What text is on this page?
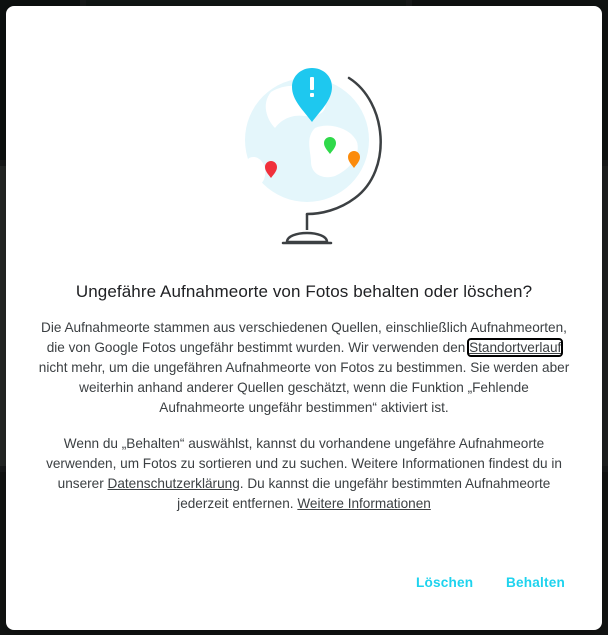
Ungefähre Aufnahmeorte von Fotos behalten oder löschen?

Die Aufnahmeorte stammen aus verschiedenen Quellen, einschließlich Aufnahmeorten, die von Google Fotos ungefähr bestimmt wurden. Wir verwenden den Standortverlauf nicht mehr, um die ungefähren Aufnahmeorte von Fotos zu bestimmen. Sie werden aber weiterhin anhand anderer Quellen geschätzt, wenn die Funktion „Fehlende Aufnahmeorte ungefähr bestimmen“ aktiviert ist.

Wenn du „Behalten“ auswählst, kannst du vorhandene ungefähre Aufnahmeorte verwenden, um Fotos zu sortieren und zu suchen. Weitere Informationen findest du in unserer Datenschutzerklärung. Du kannst die ungefähr bestimmten Aufnahmeorte jederzeit entfernen. Weitere Informationen

Löschen	Behalten
